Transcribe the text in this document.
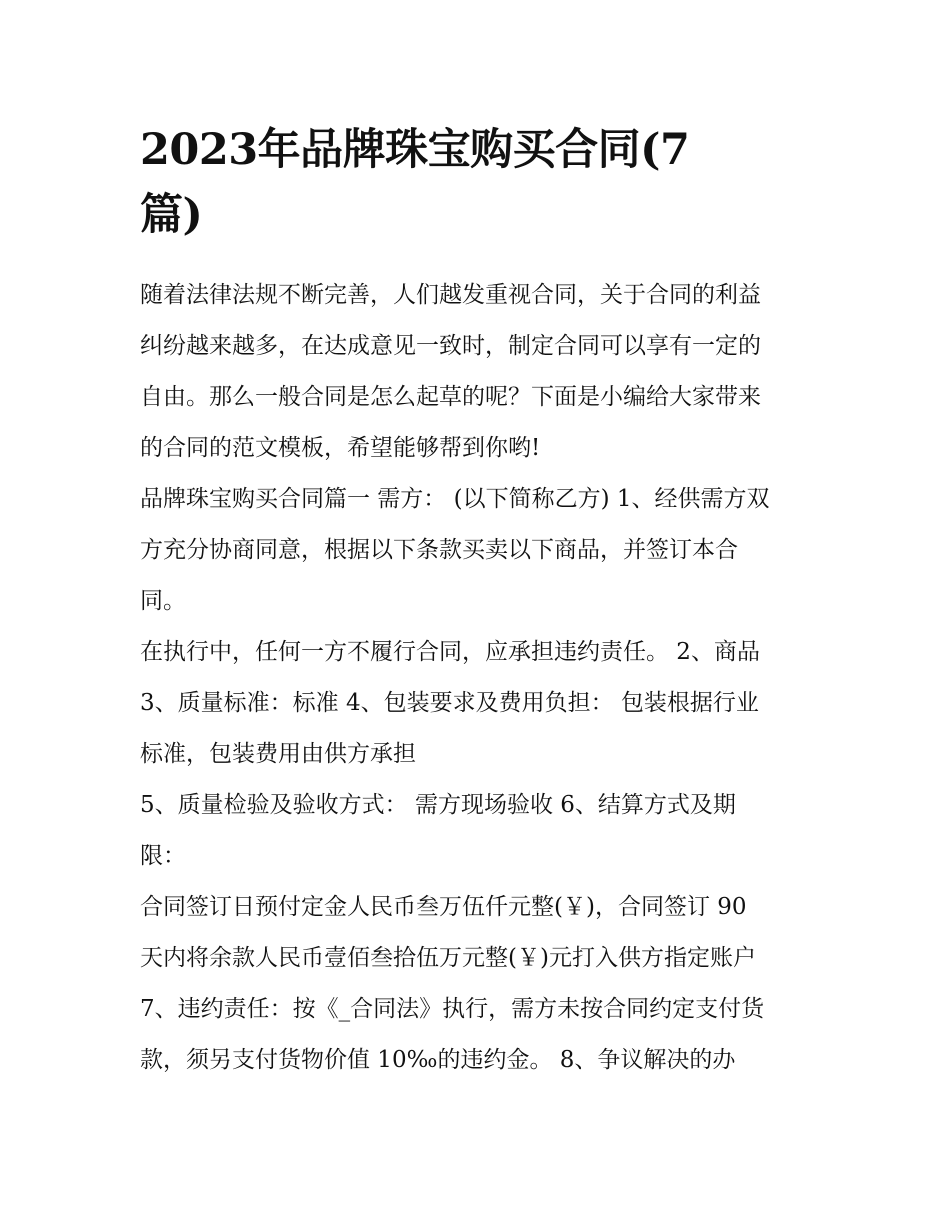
2023年品牌珠宝购买合同(7
篇)

随着法律法规不断完善，人们越发重视合同，关于合同的利益
纠纷越来越多，在达成意见一致时，制定合同可以享有一定的
自由。那么一般合同是怎么起草的呢？下面是小编给大家带来
的合同的范文模板，希望能够帮到你哟!

品牌珠宝购买合同篇一 需方： (以下简称乙方) 1、经供需方双
方充分协商同意，根据以下条款买卖以下商品，并签订本合
同。

在执行中，任何一方不履行合同，应承担违约责任。 2、商品
3、质量标准：标准 4、包装要求及费用负担： 包装根据行业
标准，包装费用由供方承担

5、质量检验及验收方式： 需方现场验收 6、结算方式及期
限：

合同签订日预付定金人民币叁万伍仟元整(￥)，合同签订 90
天内将余款人民币壹佰叁拾伍万元整(￥)元打入供方指定账户
7、违约责任：按《_合同法》执行，需方未按合同约定支付货
款，须另支付货物价值 10‰的违约金。 8、争议解决的办
